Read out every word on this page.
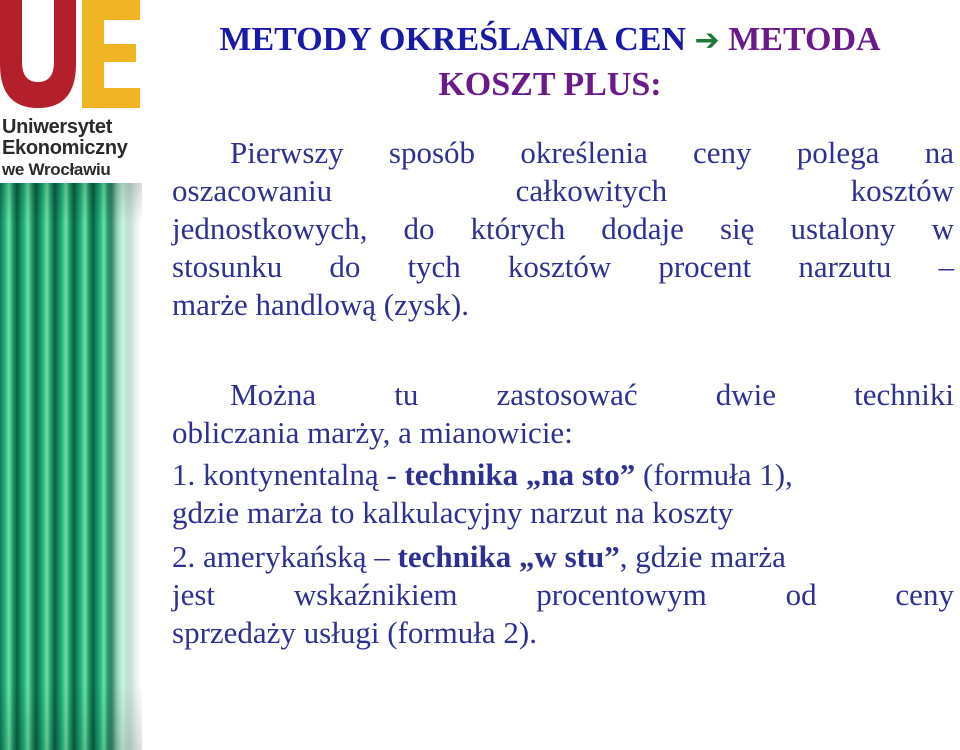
Uniwersytet
Ekonomiczny
we Wrocławiu
METODY OKREŚLANIA CEN ➔ METODA
KOSZT PLUS:
Pierwszy sposób określenia ceny polega na
oszacowaniu	całkowitych	kosztów
jednostkowych, do których dodaje się ustalony w
stosunku do tych kosztów procent narzutu –
marże handlową (zysk).
Można	tu	zastosować	dwie	techniki
obliczania marży, a mianowicie:
1. kontynentalną - technika „na sto” (formuła 1),
gdzie marża to kalkulacyjny narzut na koszty
2. amerykańską – technika „w stu” , gdzie marża
jest	wskaźnikiem	procentowym	od	ceny
sprzedaży usługi (formuła 2).
